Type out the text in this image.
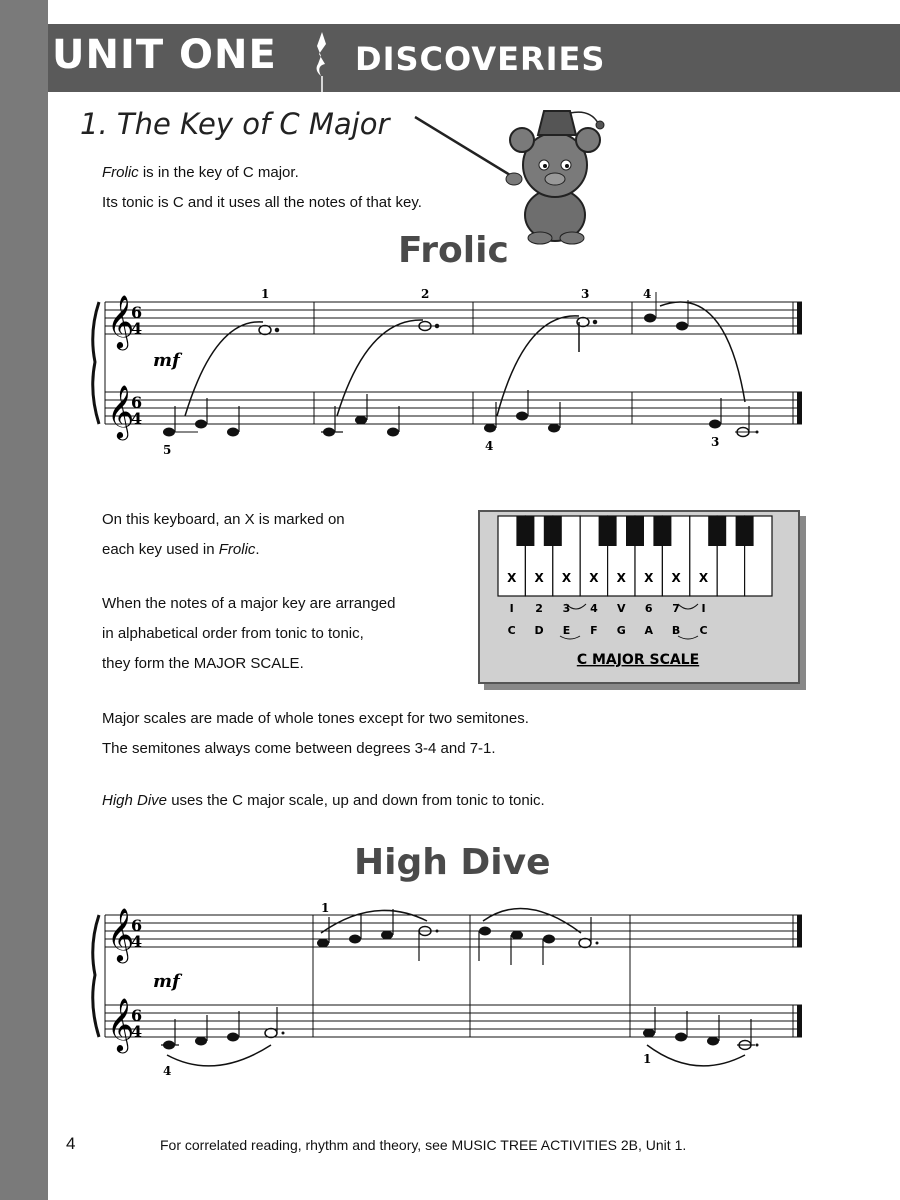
UNIT ONE DISCOVERIES
1. The Key of C Major
Frolic is in the key of C major.
Its tonic is C and it uses all the notes of that key.
Frolic
𝄞
𝄞
6
4
6
4
mf
1	2	3	4
5	4	3
On this keyboard, an X is marked on
each key used in Frolic.
When the notes of a major key are arranged
in alphabetical order from tonic to tonic,
they form the MAJOR SCALE.
X X X X X X X X
I 2 3 4 V 6 7 I
C D E F G A B C
C MAJOR SCALE
Major scales are made of whole tones except for two semitones.
The semitones always come between degrees 3-4 and 7-1.
High Dive uses the C major scale, up and down from tonic to tonic.
High Dive
𝄞
𝄞
6
4
6
4
mf
1
4
1
4	For correlated reading, rhythm and theory, see MUSIC TREE ACTIVITIES 2B, Unit 1.
